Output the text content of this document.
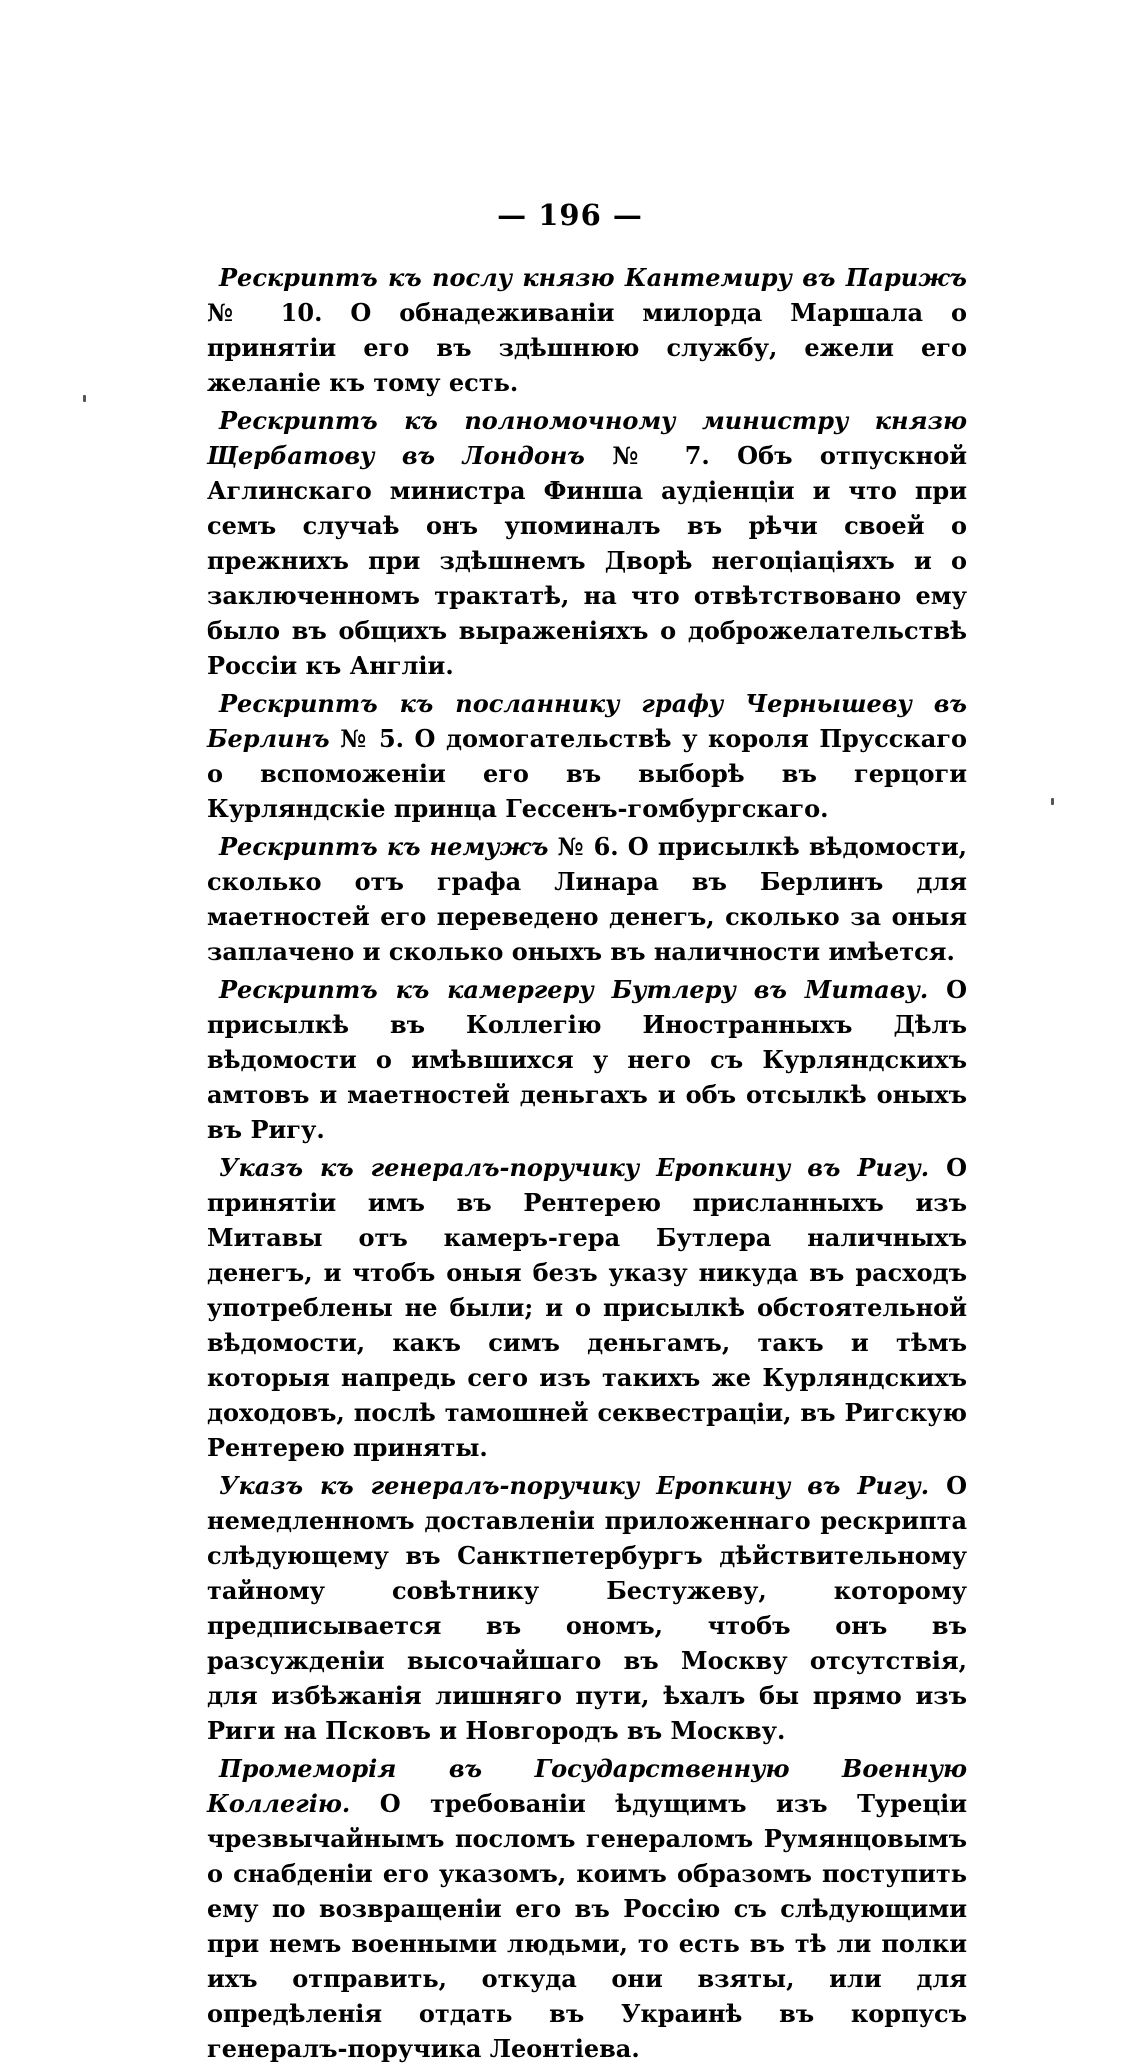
— 196 —

Рескриптъ къ послу князю Кантемиру въ Парижъ № 10. О обнадеживанiи милорда Маршала о принятiи его въ здѣшнюю службу, ежели его желанiе къ тому есть.

Рескриптъ къ полномочному министру князю Щербатову въ Лондонъ № 7. Объ отпускной Аглинскаго министра Финша аудiенцiи и что при семъ случаѣ онъ упоминалъ въ рѣчи своей о прежнихъ при здѣшнемъ Дворѣ негоцiацiяхъ и о заключенномъ трактатѣ, на что отвѣтствовано ему было въ общихъ выраженiяхъ о доброжелательствѣ Россiи къ Англiи.

Рескриптъ къ посланнику графу Чернышеву въ Берлинъ № 5. О домогательствѣ у короля Прусскаго о вспоможенiи его въ выборѣ въ герцоги Курляндскiе принца Гессенъ-гомбургскаго.

Рескриптъ къ немужъ № 6. О присылкѣ вѣдомости, сколько отъ графа Линара въ Берлинъ для маетностей его переведено денегъ, сколько за оныя заплачено и сколько оныхъ въ наличности имѣется.

Рескриптъ къ камергеру Бутлеру въ Митаву. О присылкѣ въ Коллегiю Иностранныхъ Дѣлъ вѣдомости о имѣвшихся у него съ Курляндскихъ амтовъ и маетностей деньгахъ и объ отсылкѣ оныхъ въ Ригу.

Указъ къ генералъ-поручику Еропкину въ Ригу. О принятiи имъ въ Рентерею присланныхъ изъ Митавы отъ камеръ-гера Бутлера наличныхъ денегъ, и чтобъ оныя безъ указу никуда въ расходъ употреблены не были; и о присылкѣ обстоятельной вѣдомости, какъ симъ деньгамъ, такъ и тѣмъ которыя напредь сего изъ такихъ же Курляндскихъ доходовъ, послѣ тамошней секвестрацiи, въ Ригскую Рентерею приняты.

Указъ къ генералъ-поручику Еропкину въ Ригу. О немедленномъ доставленiи приложеннаго рескрипта слѣдующему въ Санктпетербургъ дѣйствительному тайному совѣтнику Бестужеву, которому предписывается въ ономъ, чтобъ онъ въ разсужденiи высочайшаго въ Москву отсутствiя, для избѣжанiя лишняго пути, ѣхалъ бы прямо изъ Риги на Псковъ и Новгородъ въ Москву.

Промеморiя въ Государственную Военную Коллегiю. О требованiи ѣдущимъ изъ Турецiи чрезвычайнымъ посломъ генераломъ Румянцовымъ о снабденiи его указомъ, коимъ образомъ поступить ему по возвращенiи его въ Россiю съ слѣдующими при немъ военными людьми, то есть въ тѣ ли полки ихъ отправить, откуда они взяты, или для опредѣленiя отдать въ Украинѣ въ корпусъ генералъ-поручика Леонтiева.
